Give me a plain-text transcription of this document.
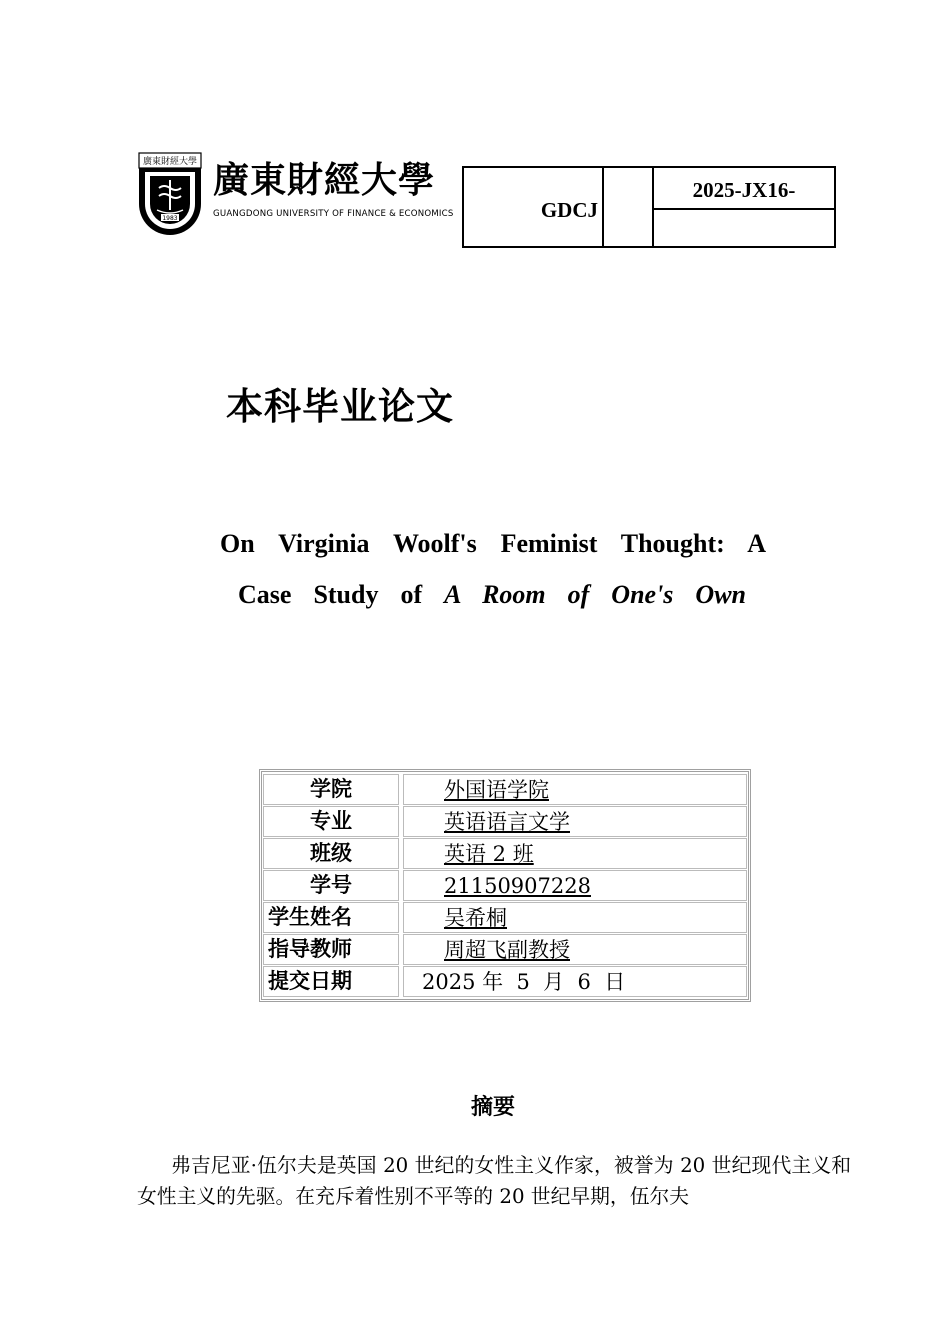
廣東財經大學
1983
廣東財經大學
GUANGDONG UNIVERSITY OF FINANCE & ECONOMICS	GDCJ
2025-JX16-
本科毕业论文
On Virginia Woolf's Feminist Thought: A
Case Study of A Room of One's Own
学院	外国语学院
专业	英语语言文学
班级	英语 2 班
学号	21150907228
学生姓名	吴希桐
指导教师	周超飞副教授
提交日期	2025 年  5  月  6  日
摘要
弗吉尼亚·伍尔夫是英国 20 世纪的女性主义作家，被誉为 20 世纪现代主义和女性主义的先驱。在充斥着性别不平等的 20 世纪早期，伍尔夫
